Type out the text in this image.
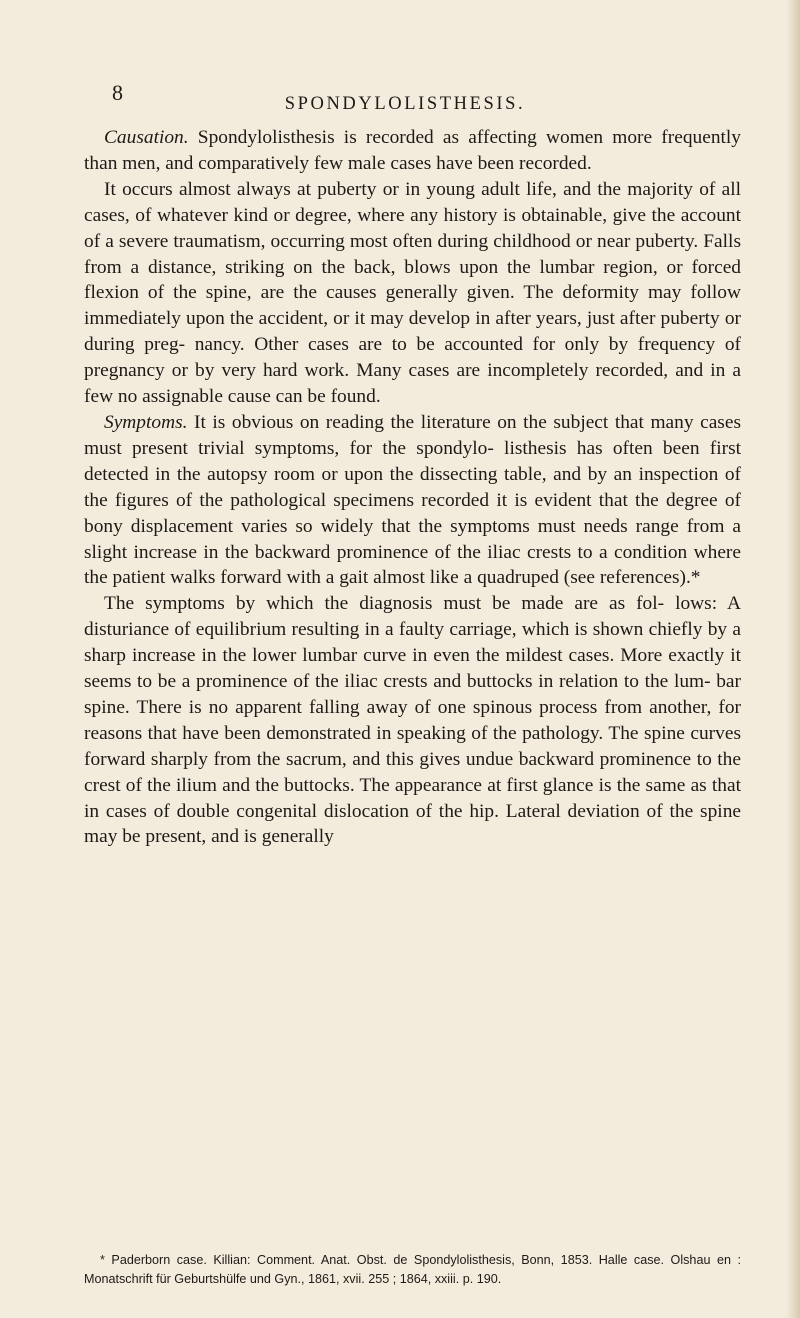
8	SPONDYLOLISTHESIS.

Causation. Spondylolisthesis is recorded as affecting women more frequently than men, and comparatively few male cases have been recorded.

It occurs almost always at puberty or in young adult life, and the majority of all cases, of whatever kind or degree, where any history is obtainable, give the account of a severe traumatism, occurring most often during childhood or near puberty. Falls from a distance, striking on the back, blows upon the lumbar region, or forced flexion of the spine, are the causes generally given. The deformity may follow immediately upon the accident, or it may develop in after years, just after puberty or during preg- nancy. Other cases are to be accounted for only by frequency of pregnancy or by very hard work. Many cases are incompletely recorded, and in a few no assignable cause can be found.

Symptoms. It is obvious on reading the literature on the subject that many cases must present trivial symptoms, for the spondylo- listhesis has often been first detected in the autopsy room or upon the dissecting table, and by an inspection of the figures of the pathological specimens recorded it is evident that the degree of bony displacement varies so widely that the symptoms must needs range from a slight increase in the backward prominence of the iliac crests to a condition where the patient walks forward with a gait almost like a quadruped (see references).*

The symptoms by which the diagnosis must be made are as fol- lows: A disturiance of equilibrium resulting in a faulty carriage, which is shown chiefly by a sharp increase in the lower lumbar curve in even the mildest cases. More exactly it seems to be a prominence of the iliac crests and buttocks in relation to the lum- bar spine. There is no apparent falling away of one spinous process from another, for reasons that have been demonstrated in speaking of the pathology. The spine curves forward sharply from the sacrum, and this gives undue backward prominence to the crest of the ilium and the buttocks. The appearance at first glance is the same as that in cases of double congenital dislocation of the hip. Lateral deviation of the spine may be present, and is generally

* Paderborn case. Killian: Comment. Anat. Obst. de Spondylolisthesis, Bonn, 1853. Halle case. Olshau en : Monatschrift für Geburtshülfe und Gyn., 1861, xvii. 255 ; 1864, xxiii. p. 190.
